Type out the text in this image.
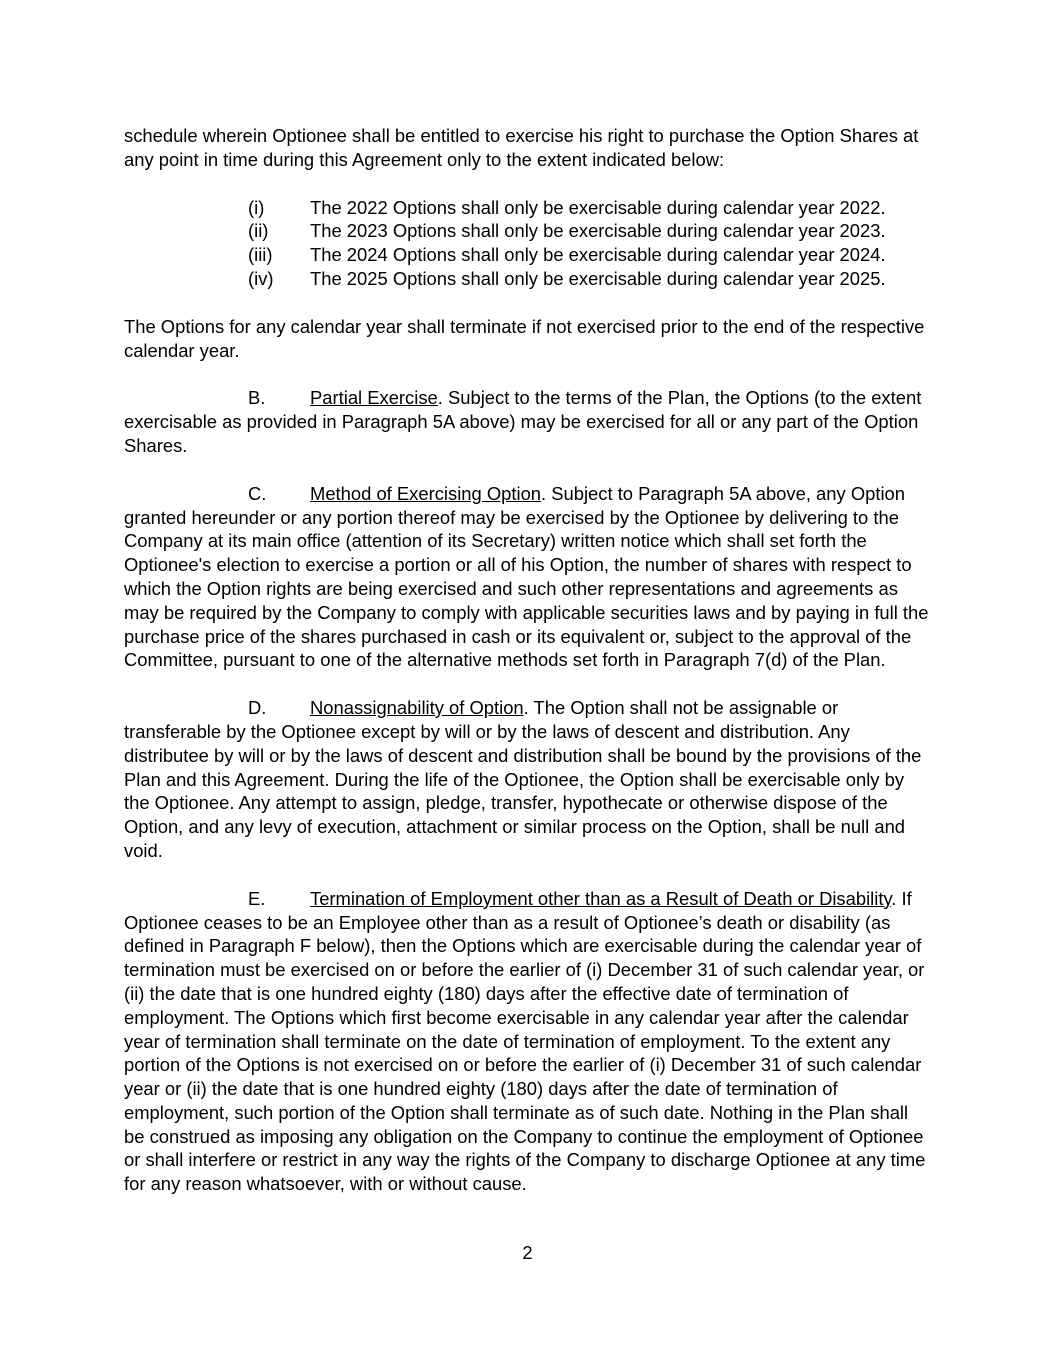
schedule wherein Optionee shall be entitled to exercise his right to purchase the Option Shares at any point in time during this Agreement only to the extent indicated below:

(i) The 2022 Options shall only be exercisable during calendar year 2022.
(ii) The 2023 Options shall only be exercisable during calendar year 2023.
(iii) The 2024 Options shall only be exercisable during calendar year 2024.
(iv) The 2025 Options shall only be exercisable during calendar year 2025.

The Options for any calendar year shall terminate if not exercised prior to the end of the respective calendar year.

B. Partial Exercise. Subject to the terms of the Plan, the Options (to the extent exercisable as provided in Paragraph 5A above) may be exercised for all or any part of the Option Shares.

C. Method of Exercising Option. Subject to Paragraph 5A above, any Option granted hereunder or any portion thereof may be exercised by the Optionee by delivering to the Company at its main office (attention of its Secretary) written notice which shall set forth the Optionee's election to exercise a portion or all of his Option, the number of shares with respect to which the Option rights are being exercised and such other representations and agreements as may be required by the Company to comply with applicable securities laws and by paying in full the purchase price of the shares purchased in cash or its equivalent or, subject to the approval of the Committee, pursuant to one of the alternative methods set forth in Paragraph 7(d) of the Plan.

D. Nonassignability of Option. The Option shall not be assignable or transferable by the Optionee except by will or by the laws of descent and distribution. Any distributee by will or by the laws of descent and distribution shall be bound by the provisions of the Plan and this Agreement. During the life of the Optionee, the Option shall be exercisable only by the Optionee. Any attempt to assign, pledge, transfer, hypothecate or otherwise dispose of the Option, and any levy of execution, attachment or similar process on the Option, shall be null and void.

E. Termination of Employment other than as a Result of Death or Disability. If Optionee ceases to be an Employee other than as a result of Optionee’s death or disability (as defined in Paragraph F below), then the Options which are exercisable during the calendar year of termination must be exercised on or before the earlier of (i) December 31 of such calendar year, or (ii) the date that is one hundred eighty (180) days after the effective date of termination of employment. The Options which first become exercisable in any calendar year after the calendar year of termination shall terminate on the date of termination of employment. To the extent any portion of the Options is not exercised on or before the earlier of (i) December 31 of such calendar year or (ii) the date that is one hundred eighty (180) days after the date of termination of employment, such portion of the Option shall terminate as of such date. Nothing in the Plan shall be construed as imposing any obligation on the Company to continue the employment of Optionee or shall interfere or restrict in any way the rights of the Company to discharge Optionee at any time for any reason whatsoever, with or without cause.

2
